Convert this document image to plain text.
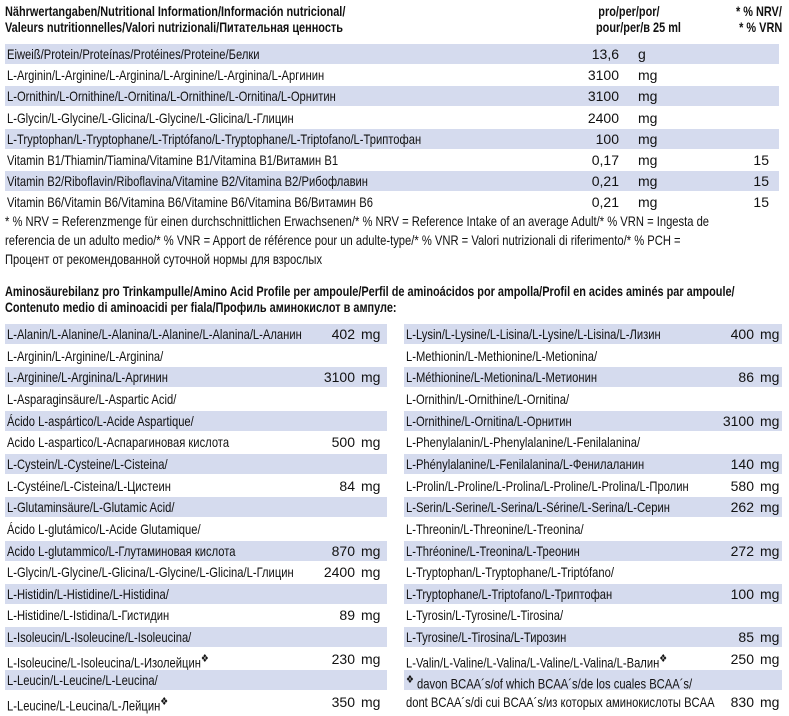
Nährwertangaben/Nutritional Information/Información nutricional/
Valeurs nutritionnelles/Valori nutrizionali/Питательная ценность
pro/per/por/
pour/per/в 25 ml
* % NRV/
* % VRN
Eiweiß/Protein/Proteínas/Protéines/Proteine/Белки	13,6 g
L-Arginin/L-Arginine/L-Arginina/L-Arginine/L-Arginina/L-Аргинин	3100 mg
L-Ornithin/L-Ornithine/L-Ornitina/L-Ornithine/L-Ornitina/L-Орнитин	3100 mg
L-Glycin/L-Glycine/L-Glicina/L-Glycine/L-Glicina/L-Глицин	2400 mg
L-Tryptophan/L-Tryptophane/L-Triptófano/L-Tryptophane/L-Triptofano/L-Триптофан	100 mg
Vitamin B1/Thiamin/Tiamina/Vitamine B1/Vitamina B1/Витамин B1	0,17 mg	15
Vitamin B2/Riboflavin/Riboflavina/Vitamine B2/Vitamina B2/Рибофлавин	0,21 mg	15
Vitamin B6/Vitamin B6/Vitamina B6/Vitamine B6/Vitamina B6/Витамин B6	0,21 mg	15
* % NRV = Referenzmenge für einen durchschnittlichen Erwachsenen/* % NRV = Reference Intake of an average Adult/* % VRN = Ingesta de
referencia de un adulto medio/* % VNR = Apport de référence pour un adulte-type/* % VNR = Valori nutrizionali di riferimento/* % PCH =
Процент от рекомендованной суточной нормы для взрослых
Aminosäurebilanz pro Trinkampulle/Amino Acid Profile per ampoule/Perfil de aminoácidos por ampolla/Profil en acides aminés par ampoule/
Contenuto medio di aminoacidi per fiala/Профиль аминокислот в ампуле:
L-Alanin/L-Alanine/L-Alanina/L-Alanine/L-Alanina/L-Аланин	402 mg
L-Arginin/L-Arginine/L-Arginina/
L-Arginine/L-Arginina/L-Аргинин	3100 mg
L-Asparaginsäure/L-Aspartic Acid/
Ácido L-aspártico/L-Acide Aspartique/
Acido L-aspartico/L-Аспарагиновая кислота	500 mg
L-Cystein/L-Cysteine/L-Cisteina/
L-Cystéine/L-Cisteina/L-Цистеин	84 mg
L-Glutaminsäure/L-Glutamic Acid/
Ácido L-glutámico/L-Acide Glutamique/
Acido L-glutammico/L-Глутаминовая кислота	870 mg
L-Glycin/L-Glycine/L-Glicina/L-Glycine/L-Glicina/L-Глицин	2400 mg
L-Histidin/L-Histidine/L-Histidina/
L-Histidine/L-Istidina/L-Гистидин	89 mg
L-Isoleucin/L-Isoleucine/L-Isoleucina/
L-Isoleucine/L-Isoleucina/L-Изолейцин❖	230 mg
L-Leucin/L-Leucine/L-Leucina/
L-Leucine/L-Leucina/L-Лейцин❖	350 mg
L-Lysin/L-Lysine/L-Lisina/L-Lysine/L-Lisina/L-Лизин	400 mg
L-Methionin/L-Methionine/L-Metionina/
L-Méthionine/L-Metionina/L-Метионин	86 mg
L-Ornithin/L-Ornithine/L-Ornitina/
L-Ornithine/L-Ornitina/L-Орнитин	3100 mg
L-Phenylalanin/L-Phenylalanine/L-Fenilalanina/
L-Phénylalanine/L-Fenilalanina/L-Фенилаланин	140 mg
L-Prolin/L-Proline/L-Prolina/L-Proline/L-Prolina/L-Пролин	580 mg
L-Serin/L-Serine/L-Serina/L-Sérine/L-Serina/L-Серин	262 mg
L-Threonin/L-Threonine/L-Treonina/
L-Thréonine/L-Treonina/L-Треонин	272 mg
L-Tryptophan/L-Tryptophane/L-Triptófano/
L-Tryptophane/L-Triptofano/L-Триптофан	100 mg
L-Tyrosin/L-Tyrosine/L-Tirosina/
L-Tyrosine/L-Tirosina/L-Тирозин	85 mg
L-Valin/L-Valine/L-Valina/L-Valine/L-Valina/L-Валин❖	250 mg
❖ davon BCAA´s/of which BCAA´s/de los cuales BCAA´s/
dont BCAA´s/di cui BCAA´s/из которых аминокислоты BCAA	830 mg
